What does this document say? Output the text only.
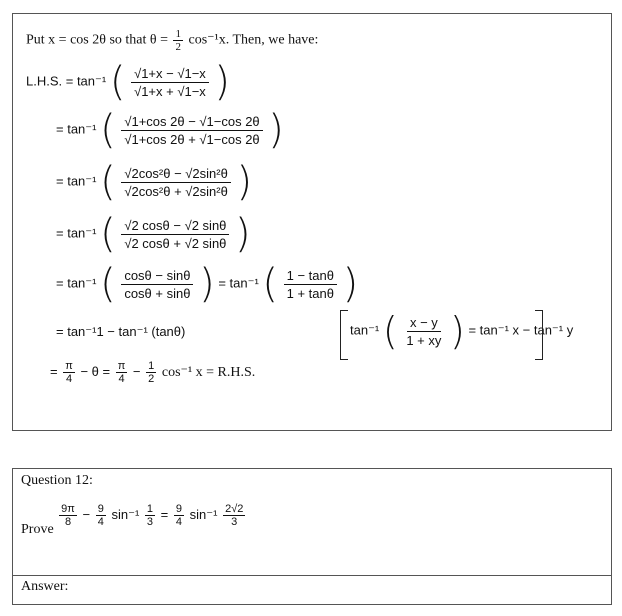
Put x = cos 2θ so that $\theta = \frac{1}{2} \cos^{-1}x$. Then, we have:
L.H.S. = tan⁻¹ ( $\frac{√1+x - √1-x}{√1+x + √1-x}$ )
= tan⁻¹ ( $\frac{√1+\cos 2\theta - √1-\cos 2\theta}{√1+\cos 2\theta + √1-\cos 2\theta}$ )
= tan⁻¹ ( $\frac{\text{√2cos²θ − √2sin²θ}}{\text{√2cos²θ + √2sin²θ}}$ )
= tan⁻¹ ( $\frac{√2 \cos\theta - √2 \sin\theta}{√2 \cos\theta + √2 \sin\theta}$ )
= tan⁻¹ ( $\frac{\cos\theta - \sin\theta}{\cos\theta + \sin\theta}$ ) = tan⁻¹ ( $\frac{1 - \tan\theta}{1 + \tan\theta}$ )
= tan⁻¹1 − tan⁻¹ (tanθ)	tan⁻¹ ( $\frac{x - y}{1 + xy}$ ) = tan⁻¹ x − tan⁻¹ y
= $\frac{\pi}{4} - \theta = \frac{\pi}{4} - \frac{1}{2} \cos^{-1}$ x = R.H.S.
Question 12:
Prove
$\frac{9\pi}{8} - \frac{9}{4} \sin^{-1} \frac{1}{3} = \frac{9}{4} \sin^{-1} \frac{2√2}{3}$
Answer:
